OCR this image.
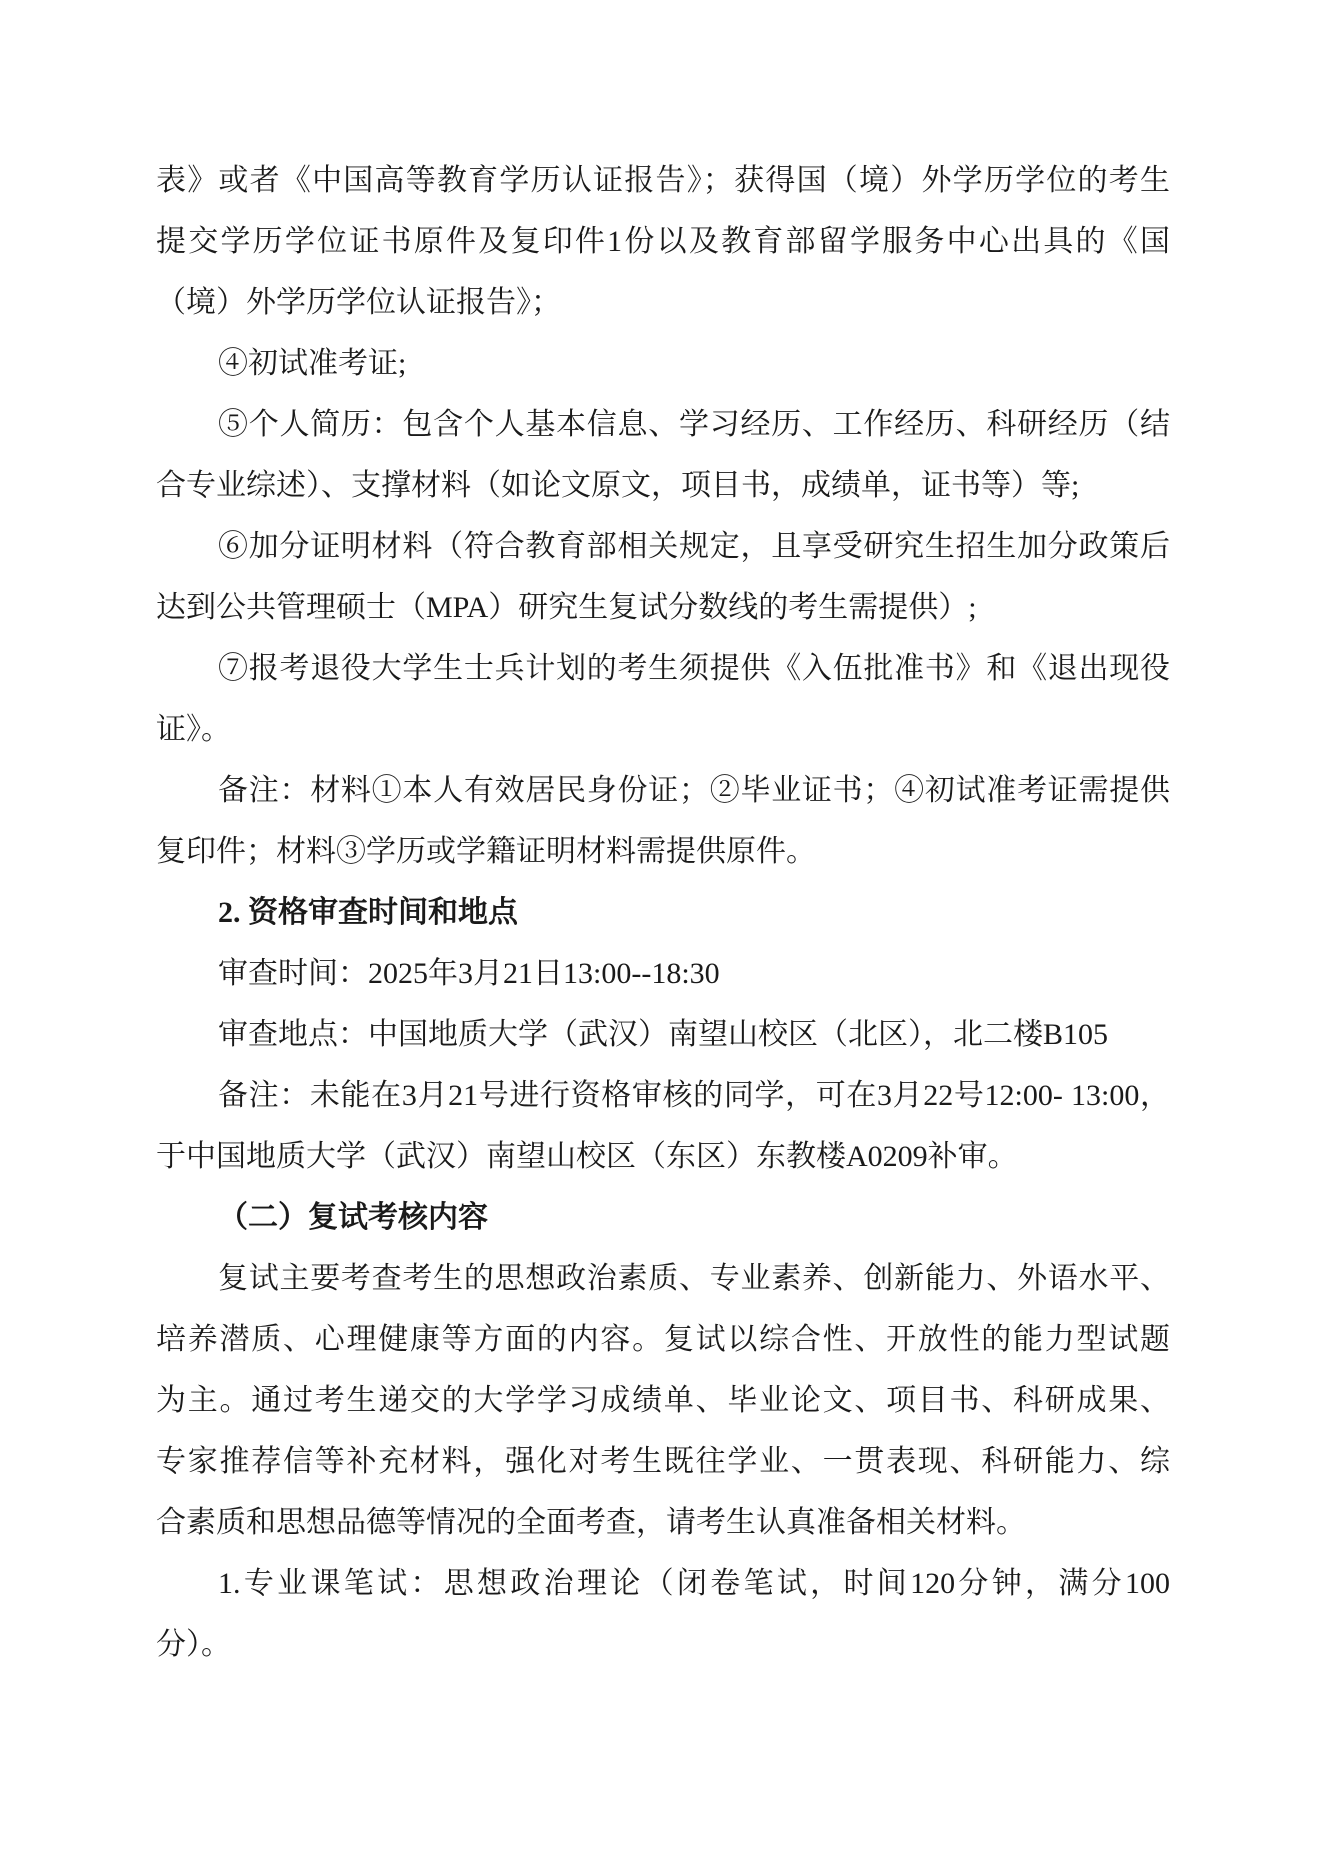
表》或者《中国高等教育学历认证报告》；获得国（境）外学历学位的考生
提交学历学位证书原件及复印件1份以及教育部留学服务中心出具的《国
（境）外学历学位认证报告》；
④初试准考证;
⑤个人简历：包含个人基本信息、学习经历、工作经历、科研经历（结
合专业综述）、支撑材料（如论文原文，项目书，成绩单，证书等）等;
⑥加分证明材料（符合教育部相关规定，且享受研究生招生加分政策后
达到公共管理硕士（MPA）研究生复试分数线的考生需提供）;
⑦报考退役大学生士兵计划的考生须提供《入伍批准书》和《退出现役
证》。
备注：材料①本人有效居民身份证；②毕业证书；④初试准考证需提供
复印件；材料③学历或学籍证明材料需提供原件。
2. 资格审查时间和地点
审查时间：2025年3月21日13:00--18:30
审查地点：中国地质大学（武汉）南望山校区（北区），北二楼B105
备注：未能在3月21号进行资格审核的同学，可在3月22号12:00- 13:00，
于中国地质大学（武汉）南望山校区（东区）东教楼A0209补审。
（二）复试考核内容
复试主要考查考生的思想政治素质、专业素养、创新能力、外语水平、
培养潜质、心理健康等方面的内容。复试以综合性、开放性的能力型试题
为主。通过考生递交的大学学习成绩单、毕业论文、项目书、科研成果、
专家推荐信等补充材料，强化对考生既往学业、一贯表现、科研能力、综
合素质和思想品德等情况的全面考查，请考生认真准备相关材料。
1.专业课笔试：思想政治理论（闭卷笔试，时间120分钟，满分100
分）。
